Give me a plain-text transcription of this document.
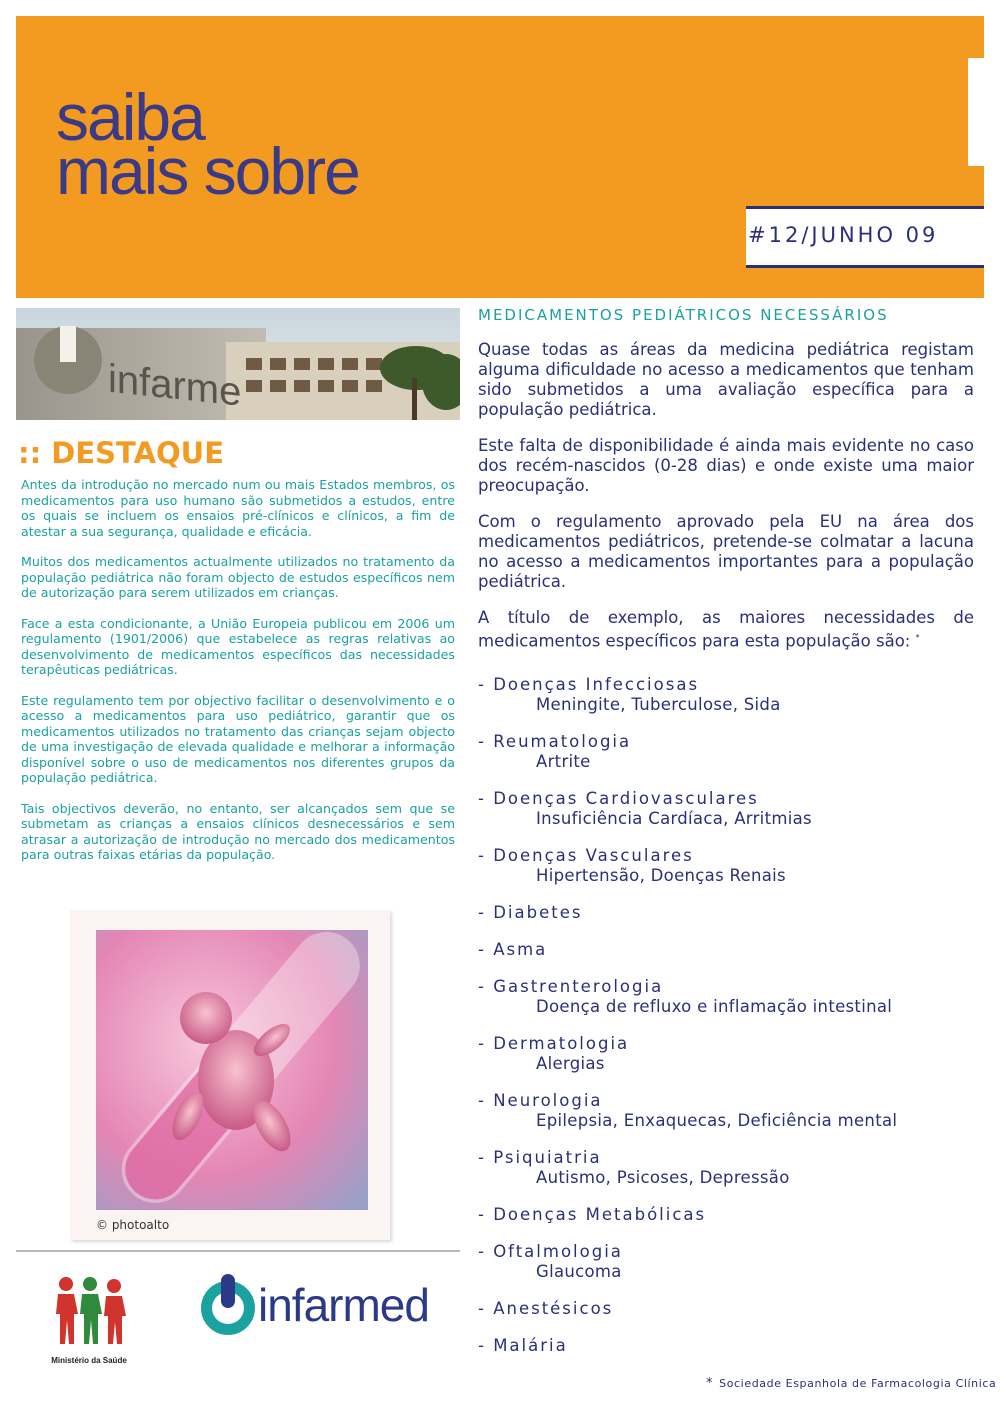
saiba
mais sobre
#12/JUNHO 09
infarme
:: DESTAQUE

Antes da introdução no mercado num ou mais Estados membros, os medicamentos para uso humano são submetidos a estudos, entre os quais se incluem os ensaios pré-clínicos e clínicos, a fim de atestar a sua segurança, qualidade e eficácia.

Muitos dos medicamentos actualmente utilizados no tratamento da população pediátrica não foram objecto de estudos específicos nem de autorização para serem utilizados em crianças.

Face a esta condicionante, a União Europeia publicou em 2006 um regulamento (1901/2006) que estabelece as regras relativas ao desenvolvimento de medicamentos específicos das necessidades terapêuticas pediátricas.

Este regulamento tem por objectivo facilitar o desenvolvimento e o acesso a medicamentos para uso pediátrico, garantir que os medicamentos utilizados no tratamento das crianças sejam objecto de uma investigação de elevada qualidade e melhorar a informação disponível sobre o uso de medicamentos nos diferentes grupos da população pediátrica.

Tais objectivos deverão, no entanto, ser alcançados sem que se submetam as crianças a ensaios clínicos desnecessários e sem atrasar a autorização de introdução no mercado dos medicamentos para outras faixas etárias da população.

© photoalto
Ministério da Saúde
infarmed
MEDICAMENTOS PEDIÁTRICOS NECESSÁRIOS

Quase todas as áreas da medicina pediátrica registam alguma dificuldade no acesso a medicamentos que tenham sido submetidos a uma avaliação específica para a população pediátrica.

Este falta de disponibilidade é ainda mais evidente no caso dos recém-nascidos (0-28 dias) e onde existe uma maior preocupação.

Com o regulamento aprovado pela EU na área dos medicamentos pediátricos, pretende-se colmatar a lacuna no acesso a medicamentos importantes para a população pediátrica.

A título de exemplo, as maiores necessidades de medicamentos específicos para esta população são: *

- Doenças Infecciosas
Meningite, Tuberculose, Sida
- Reumatologia
Artrite
- Doenças Cardiovasculares
Insuficiência Cardíaca, Arritmias
- Doenças Vasculares
Hipertensão, Doenças Renais
- Diabetes
- Asma
- Gastrenterologia
Doença de refluxo e inflamação intestinal
- Dermatologia
Alergias
- Neurologia
Epilepsia, Enxaquecas, Deficiência mental
- Psiquiatria
Autismo, Psicoses, Depressão
- Doenças Metabólicas
- Oftalmologia
Glaucoma
- Anestésicos
- Malária
* Sociedade Espanhola de Farmacologia Clínica
